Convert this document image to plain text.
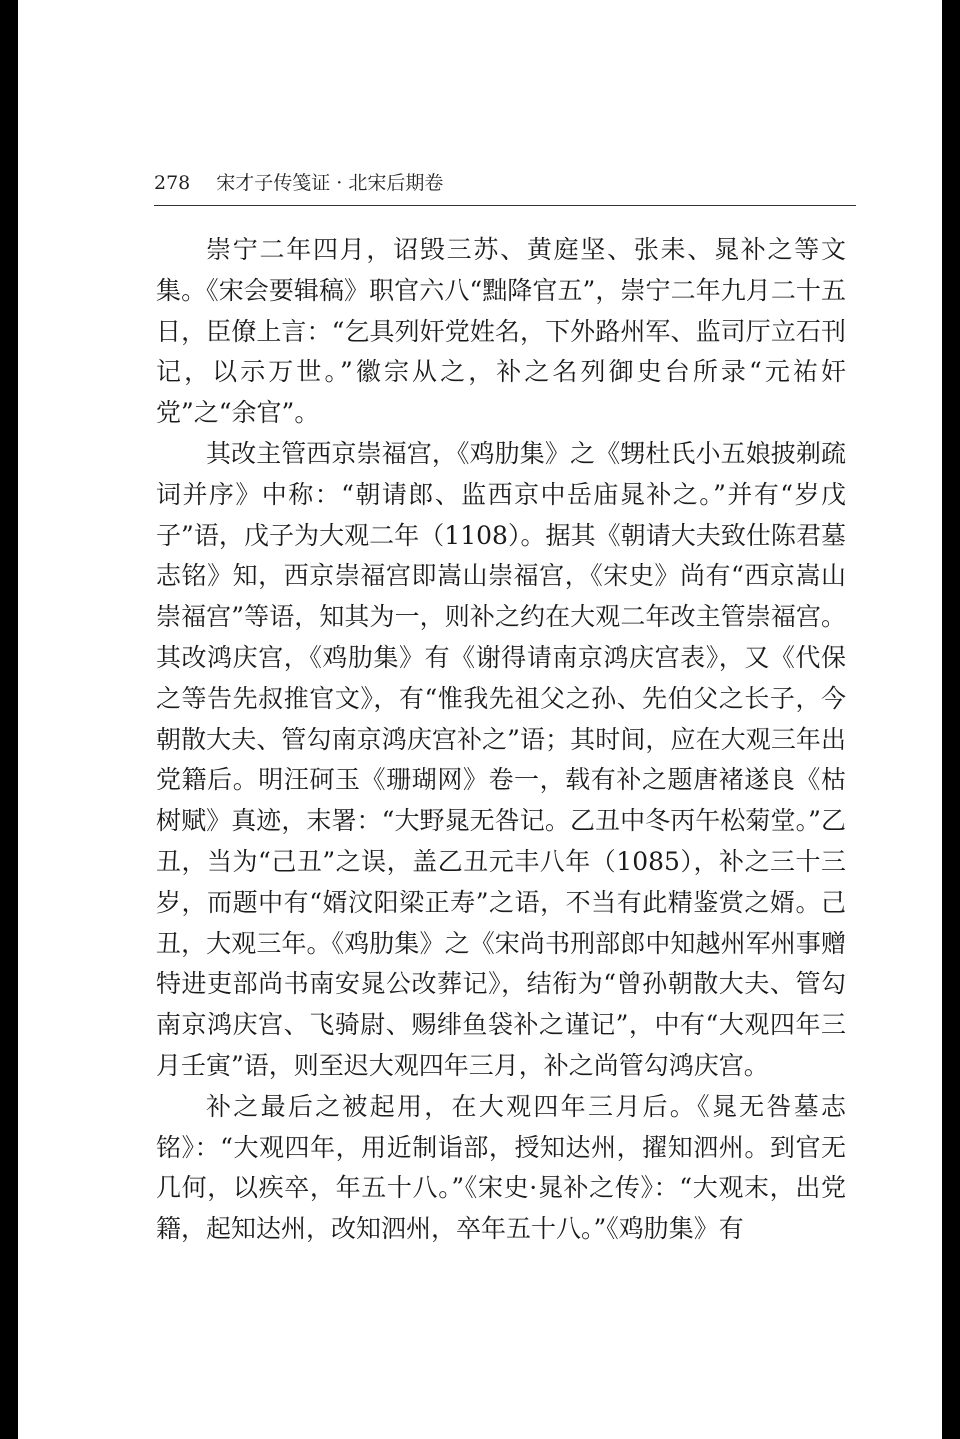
278 宋才子传笺证 · 北宋后期卷

崇宁二年四月，诏毁三苏、黄庭坚、张耒、晁补之等文集。《宋会要辑稿》职官六八“黜降官五”，崇宁二年九月二十五日，臣僚上言：“乞具列奸党姓名，下外路州军、监司厅立石刊记，以示万世。”徽宗从之，补之名列御史台所录“元祐奸党”之“余官”。

其改主管西京崇福宫，《鸡肋集》之《甥杜氏小五娘披剃疏词并序》中称：“朝请郎、监西京中岳庙晁补之。”并有“岁戊子”语，戊子为大观二年（1108）。据其《朝请大夫致仕陈君墓志铭》知，西京崇福宫即嵩山崇福宫，《宋史》尚有“西京嵩山崇福宫”等语，知其为一，则补之约在大观二年改主管崇福宫。其改鸿庆宫，《鸡肋集》有《谢得请南京鸿庆宫表》，又《代保之等告先叔推官文》，有“惟我先祖父之孙、先伯父之长子，今朝散大夫、管勾南京鸿庆宫补之”语；其时间，应在大观三年出党籍后。明汪砢玉《珊瑚网》卷一，载有补之题唐褚遂良《枯树赋》真迹，末署：“大野晁无咎记。乙丑中冬丙午松菊堂。”乙丑，当为“己丑”之误，盖乙丑元丰八年（1085），补之三十三岁，而题中有“婿汶阳梁正寿”之语，不当有此精鉴赏之婿。己丑，大观三年。《鸡肋集》之《宋尚书刑部郎中知越州军州事赠特进吏部尚书南安晁公改葬记》，结衔为“曾孙朝散大夫、管勾南京鸿庆宫、飞骑尉、赐绯鱼袋补之谨记”，中有“大观四年三月壬寅”语，则至迟大观四年三月，补之尚管勾鸿庆宫。

补之最后之被起用，在大观四年三月后。《晁无咎墓志铭》：“大观四年，用近制诣部，授知达州，擢知泗州。到官无几何，以疾卒，年五十八。”《宋史·晁补之传》：“大观末，出党籍，起知达州，改知泗州，卒年五十八。”《鸡肋集》有
